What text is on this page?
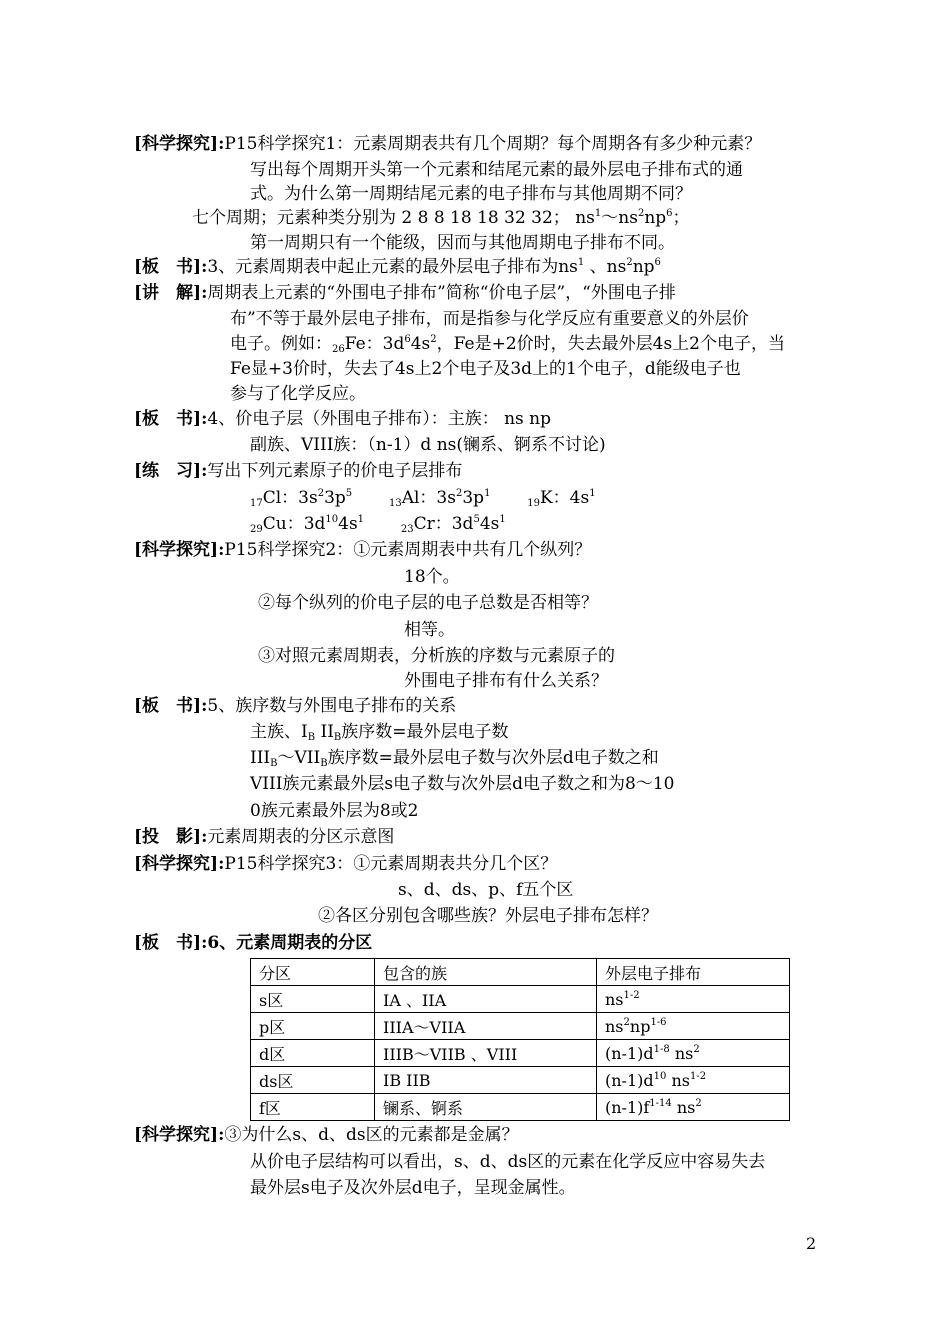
[科学探究]:P15科学探究1：元素周期表共有几个周期？每个周期各有多少种元素？
写出每个周期开头第一个元素和结尾元素的最外层电子排布式的通
式。为什么第一周期结尾元素的电子排布与其他周期不同？
七个周期；元素种类分别为 2 8 8 18 18 32 32； $ns^1\sim ns^2np^6$；
第一周期只有一个能级，因而与其他周期电子排布不同。
[板　书]:3、元素周期表中起止元素的最外层电子排布为$ns^1$ 、$ns^2np^6$
[讲　解]:周期表上元素的“外围电子排布”简称“价电子层”，“外围电子排
布”不等于最外层电子排布，而是指参与化学反应有重要意义的外层价
电子。例如：$_{26}$Fe：$3d^64s^2$，Fe是+2价时，失去最外层4s上2个电子，当
Fe显+3价时，失去了4s上2个电子及3d上的1个电子，d能级电子也
参与了化学反应。
[板　书]:4、价电子层（外围电子排布）：主族： ns np
副族、VIII族：（n-1）d ns(镧系、锕系不讨论)
[练　习]:写出下列元素原子的价电子层排布
$_{17}$Cl：$3s^23p^5$  $_{13}$Al：$3s^23p^1$  $_{19}$K：$4s^1$
$_{29}$Cu：$3d^{10}4s^1$  $_{23}$Cr：$3d^54s^1$
[科学探究]:P15科学探究2：①元素周期表中共有几个纵列？
18个。
②每个纵列的价电子层的电子总数是否相等？
相等。
③对照元素周期表，分析族的序数与元素原子的
外围电子排布有什么关系？
[板　书]:5、族序数与外围电子排布的关系
主族、$I_B$ $II_B$族序数=最外层电子数
$III_B\sim VII_B$族序数=最外层电子数与次外层d电子数之和
VIII族元素最外层s电子数与次外层d电子数之和为8～10
0族元素最外层为8或2
[投　影]:元素周期表的分区示意图
[科学探究]:P15科学探究3：①元素周期表共分几个区？
s、d、ds、p、f五个区
②各区分别包含哪些族？外层电子排布怎样？
[板　书]:6、元素周期表的分区
分区	包含的族	外层电子排布
s区	IA 、IIA	$ns^{1-2}$
p区	IIIA～VIIA	$ns^2np^{1-6}$
d区	IIIB～VIIB 、VIII	$(n-1)d^{1-8}$ $ns^2$
ds区	IB IIB	$(n-1)d^{10}$ $ns^{1-2}$
f区	镧系、锕系	$(n-1)f^{1-14}$ $ns^2$
[科学探究]:③为什么s、d、ds区的元素都是金属？
从价电子层结构可以看出，s、d、ds区的元素在化学反应中容易失去
最外层s电子及次外层d电子，呈现金属性。
2
